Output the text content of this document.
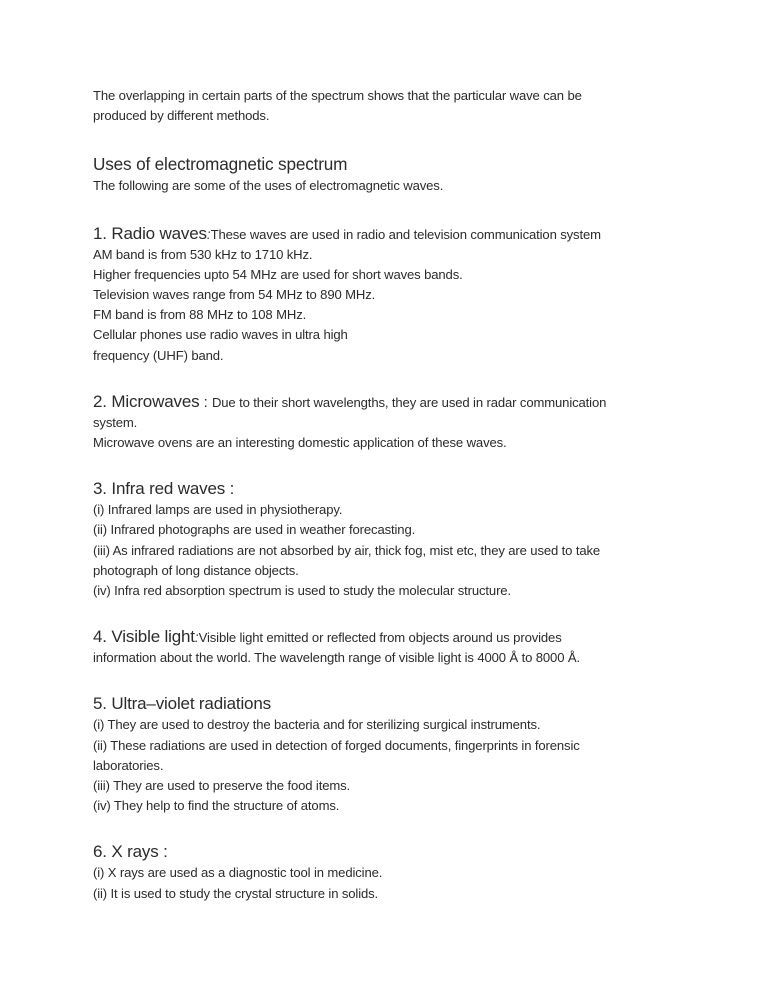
The overlapping in certain parts of the spectrum shows that the particular wave can be
produced by different methods.
Uses of electromagnetic spectrum
The following are some of the uses of electromagnetic waves.
1. Radio waves:These waves are used in radio and television communication system
AM band is from 530 kHz to 1710 kHz.
Higher frequencies upto 54 MHz are used for short waves bands.
Television waves range from 54 MHz to 890 MHz.
FM band is from 88 MHz to 108 MHz.
Cellular phones use radio waves in ultra high
frequency (UHF) band.
2. Microwaves : Due to their short wavelengths, they are used in radar communication
system.
Microwave ovens are an interesting domestic application of these waves.
3. Infra red waves :
(i) Infrared lamps are used in physiotherapy.
(ii) Infrared photographs are used in weather forecasting.
(iii) As infrared radiations are not absorbed by air, thick fog, mist etc, they are used to take
photograph of long distance objects.
(iv) Infra red absorption spectrum is used to study the molecular structure.
4. Visible light:Visible light emitted or reflected from objects around us provides
information about the world. The wavelength range of visible light is 4000 Å to 8000 Å.
5. Ultra–violet radiations
(i) They are used to destroy the bacteria and for sterilizing surgical instruments.
(ii) These radiations are used in detection of forged documents, fingerprints in forensic
laboratories.
(iii) They are used to preserve the food items.
(iv) They help to find the structure of atoms.
6. X rays :
(i) X rays are used as a diagnostic tool in medicine.
(ii) It is used to study the crystal structure in solids.
